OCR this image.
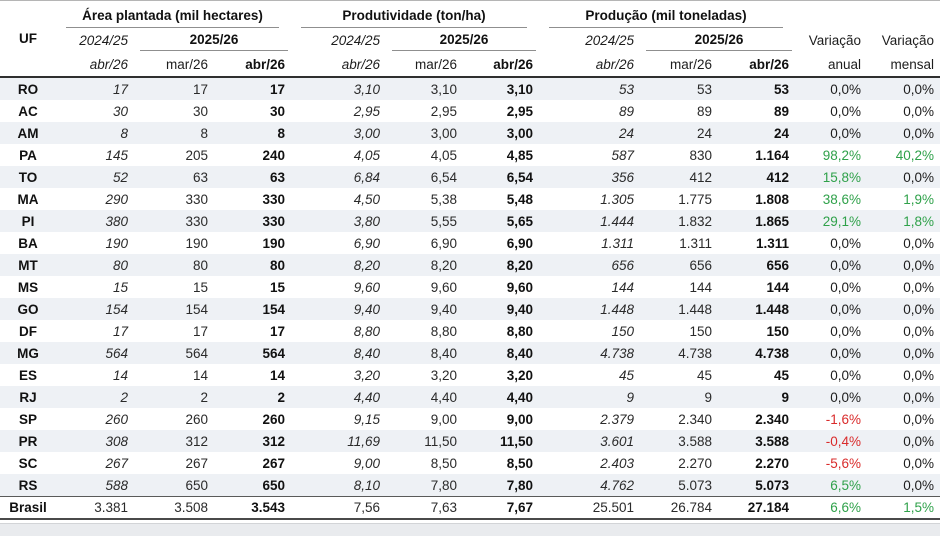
	Área plantada (mil hectares)			Produtividade (ton/ha)			Produção (mil toneladas)				

UF	2024/25	2025/26		2024/25	2025/26		2024/25	2025/26		Variação	Variação
	abr/26	mar/26	abr/26	abr/26	mar/26	abr/26	abr/26	mar/26	abr/26	anual	mensal
RO	17	17	17	3,10	3,10	3,10	53	53	53	0,0%	0,0%
AC	30	30	30	2,95	2,95	2,95	89	89	89	0,0%	0,0%
AM	8	8	8	3,00	3,00	3,00	24	24	24	0,0%	0,0%
PA	145	205	240	4,05	4,05	4,85	587	830	1.164	98,2%	40,2%
TO	52	63	63	6,84	6,54	6,54	356	412	412	15,8%	0,0%
MA	290	330	330	4,50	5,38	5,48	1.305	1.775	1.808	38,6%	1,9%
PI	380	330	330	3,80	5,55	5,65	1.444	1.832	1.865	29,1%	1,8%
BA	190	190	190	6,90	6,90	6,90	1.311	1.311	1.311	0,0%	0,0%
MT	80	80	80	8,20	8,20	8,20	656	656	656	0,0%	0,0%
MS	15	15	15	9,60	9,60	9,60	144	144	144	0,0%	0,0%
GO	154	154	154	9,40	9,40	9,40	1.448	1.448	1.448	0,0%	0,0%
DF	17	17	17	8,80	8,80	8,80	150	150	150	0,0%	0,0%
MG	564	564	564	8,40	8,40	8,40	4.738	4.738	4.738	0,0%	0,0%
ES	14	14	14	3,20	3,20	3,20	45	45	45	0,0%	0,0%
RJ	2	2	2	4,40	4,40	4,40	9	9	9	0,0%	0,0%
SP	260	260	260	9,15	9,00	9,00	2.379	2.340	2.340	-1,6%	0,0%
PR	308	312	312	11,69	11,50	11,50	3.601	3.588	3.588	-0,4%	0,0%
SC	267	267	267	9,00	8,50	8,50	2.403	2.270	2.270	-5,6%	0,0%
RS	588	650	650	8,10	7,80	7,80	4.762	5.073	5.073	6,5%	0,0%
Brasil	3.381	3.508	3.543	7,56	7,63	7,67	25.501	26.784	27.184	6,6%	1,5%
